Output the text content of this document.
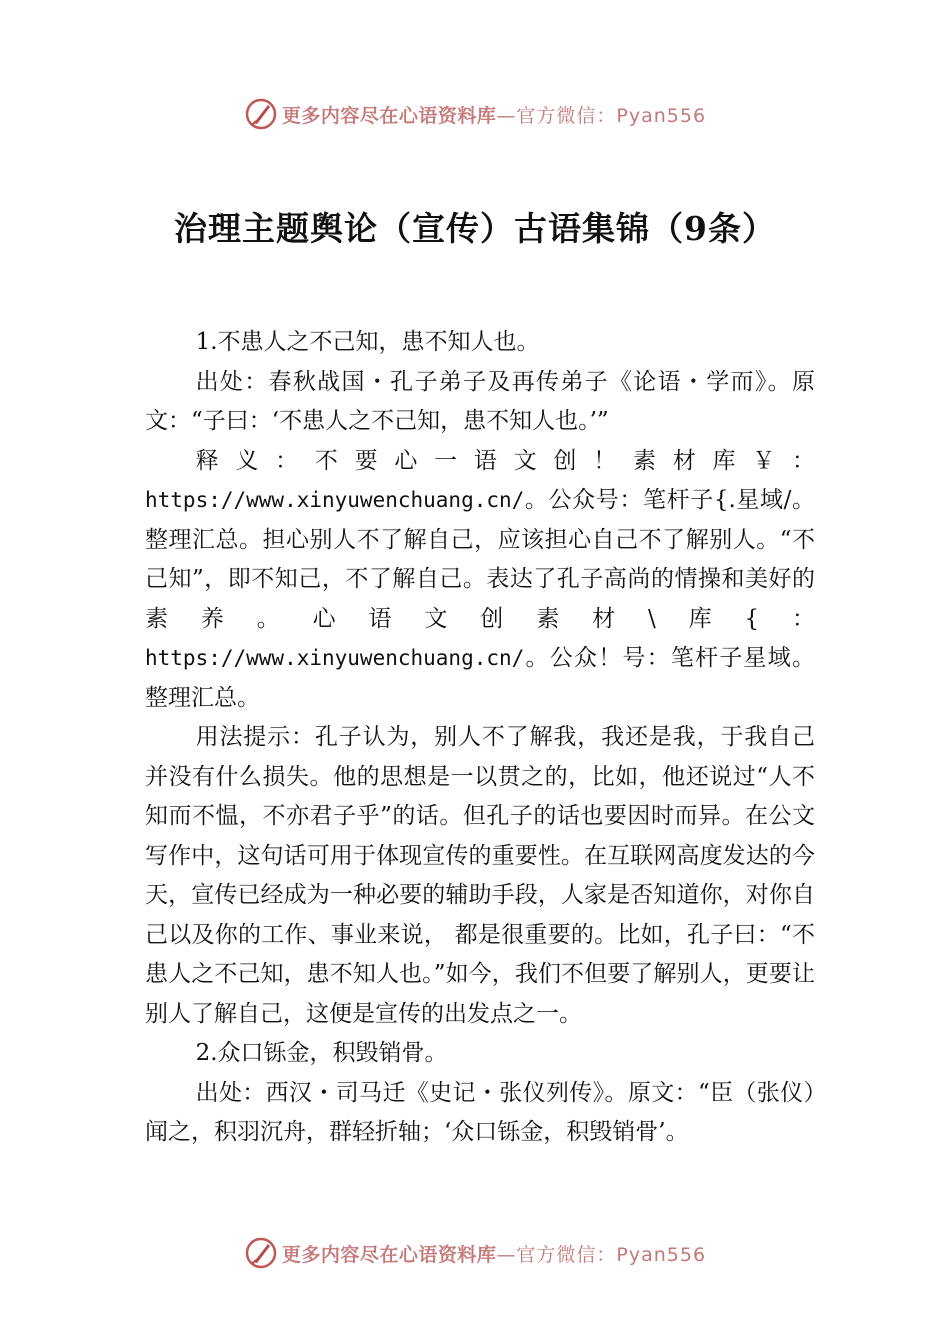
更多内容尽在心语资料库 —官方微信：Pyan556
治理主题舆论（宣传）古语集锦（9条）

1.不患人之不己知，患不知人也。

出处：春秋战国・孔子弟子及再传弟子《论语・学而》。原文：“子曰：‘不患人之不己知，患不知人也。’”

释义：不要心一语文创！素材库￥：https://www.xinyuwenchuang.cn/。公众号：笔杆子{.星域/。整理汇总。担心别人不了解自己，应该担心自己不了解别人。“不己知”，即不知己，不了解自己。表达了孔子高尚的情操和美好的素养。心语文创素材\库{：https://www.xinyuwenchuang.cn/。公众！号：笔杆子星域。整理汇总。

用法提示：孔子认为，别人不了解我，我还是我，于我自己并没有什么损失。他的思想是一以贯之的，比如，他还说过“人不知而不愠，不亦君子乎”的话。但孔子的话也要因时而异。在公文写作中，这句话可用于体现宣传的重要性。在互联网高度发达的今天，宣传已经成为一种必要的辅助手段，人家是否知道你，对你自己以及你的工作、事业来说， 都是很重要的。比如，孔子曰：“不患人之不己知，患不知人也。”如今，我们不但要了解别人，更要让别人了解自己，这便是宣传的出发点之一。

2.众口铄金，积毁销骨。

出处：西汉・司马迁《史记・张仪列传》。原文：“臣（张仪）闻之，积羽沉舟，群轻折轴；‘众口铄金，积毁销骨’。

更多内容尽在心语资料库 —官方微信：Pyan556
